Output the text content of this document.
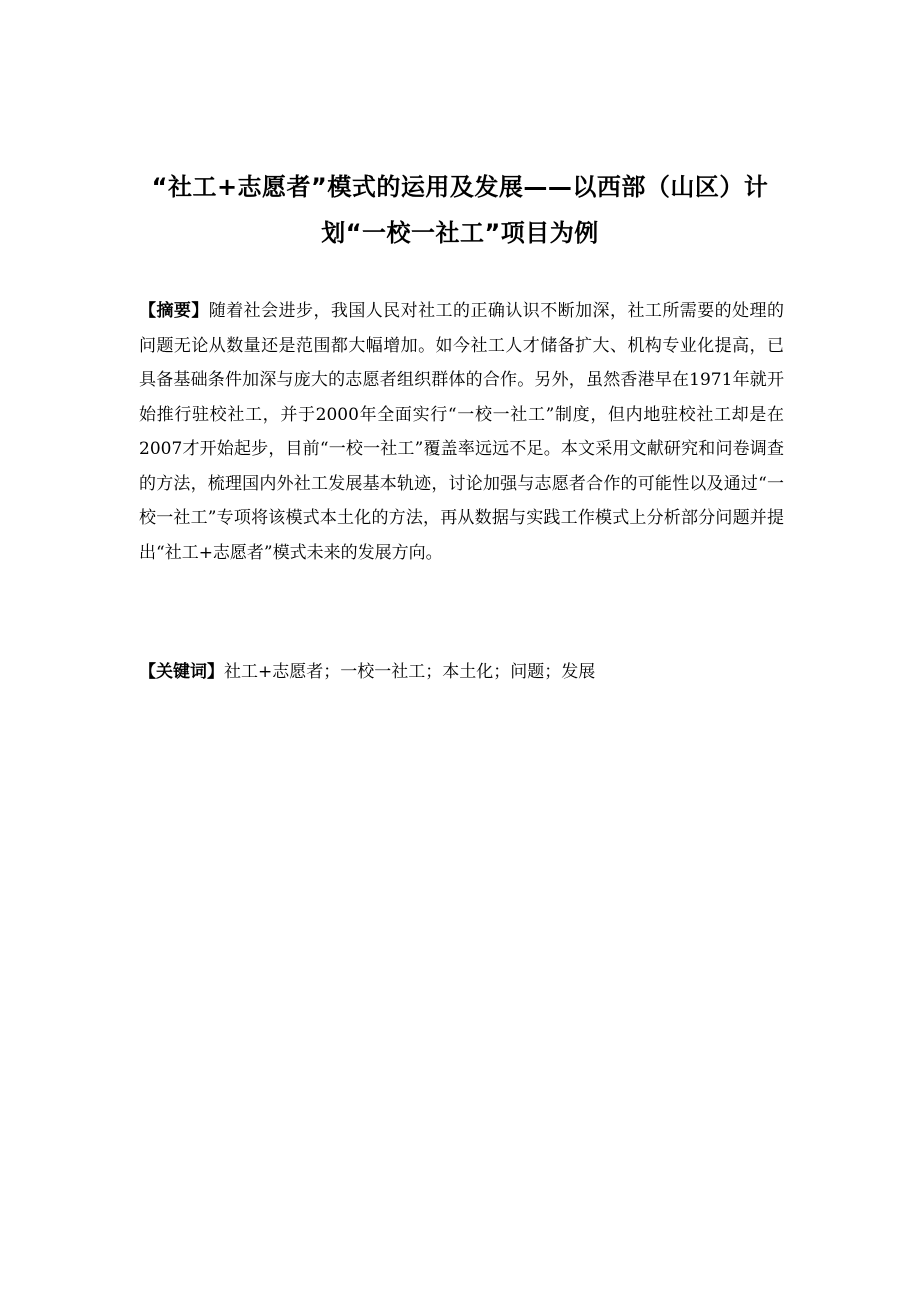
“社工+志愿者”模式的运用及发展——以西部（山区）计
划“一校一社工”项目为例

【摘要】随着社会进步，我国人民对社工的正确认识不断加深，社工所需要的处理的问题无论从数量还是范围都大幅增加。如今社工人才储备扩大、机构专业化提高，已具备基础条件加深与庞大的志愿者组织群体的合作。另外，虽然香港早在1971年就开始推行驻校社工，并于2000年全面实行“一校一社工”制度，但内地驻校社工却是在2007才开始起步，目前“一校一社工”覆盖率远远不足。本文采用文献研究和问卷调查的方法，梳理国内外社工发展基本轨迹，讨论加强与志愿者合作的可能性以及通过“一校一社工”专项将该模式本土化的方法，再从数据与实践工作模式上分析部分问题并提出“社工+志愿者”模式未来的发展方向。

【关键词】社工+志愿者；一校一社工；本土化；问题；发展
